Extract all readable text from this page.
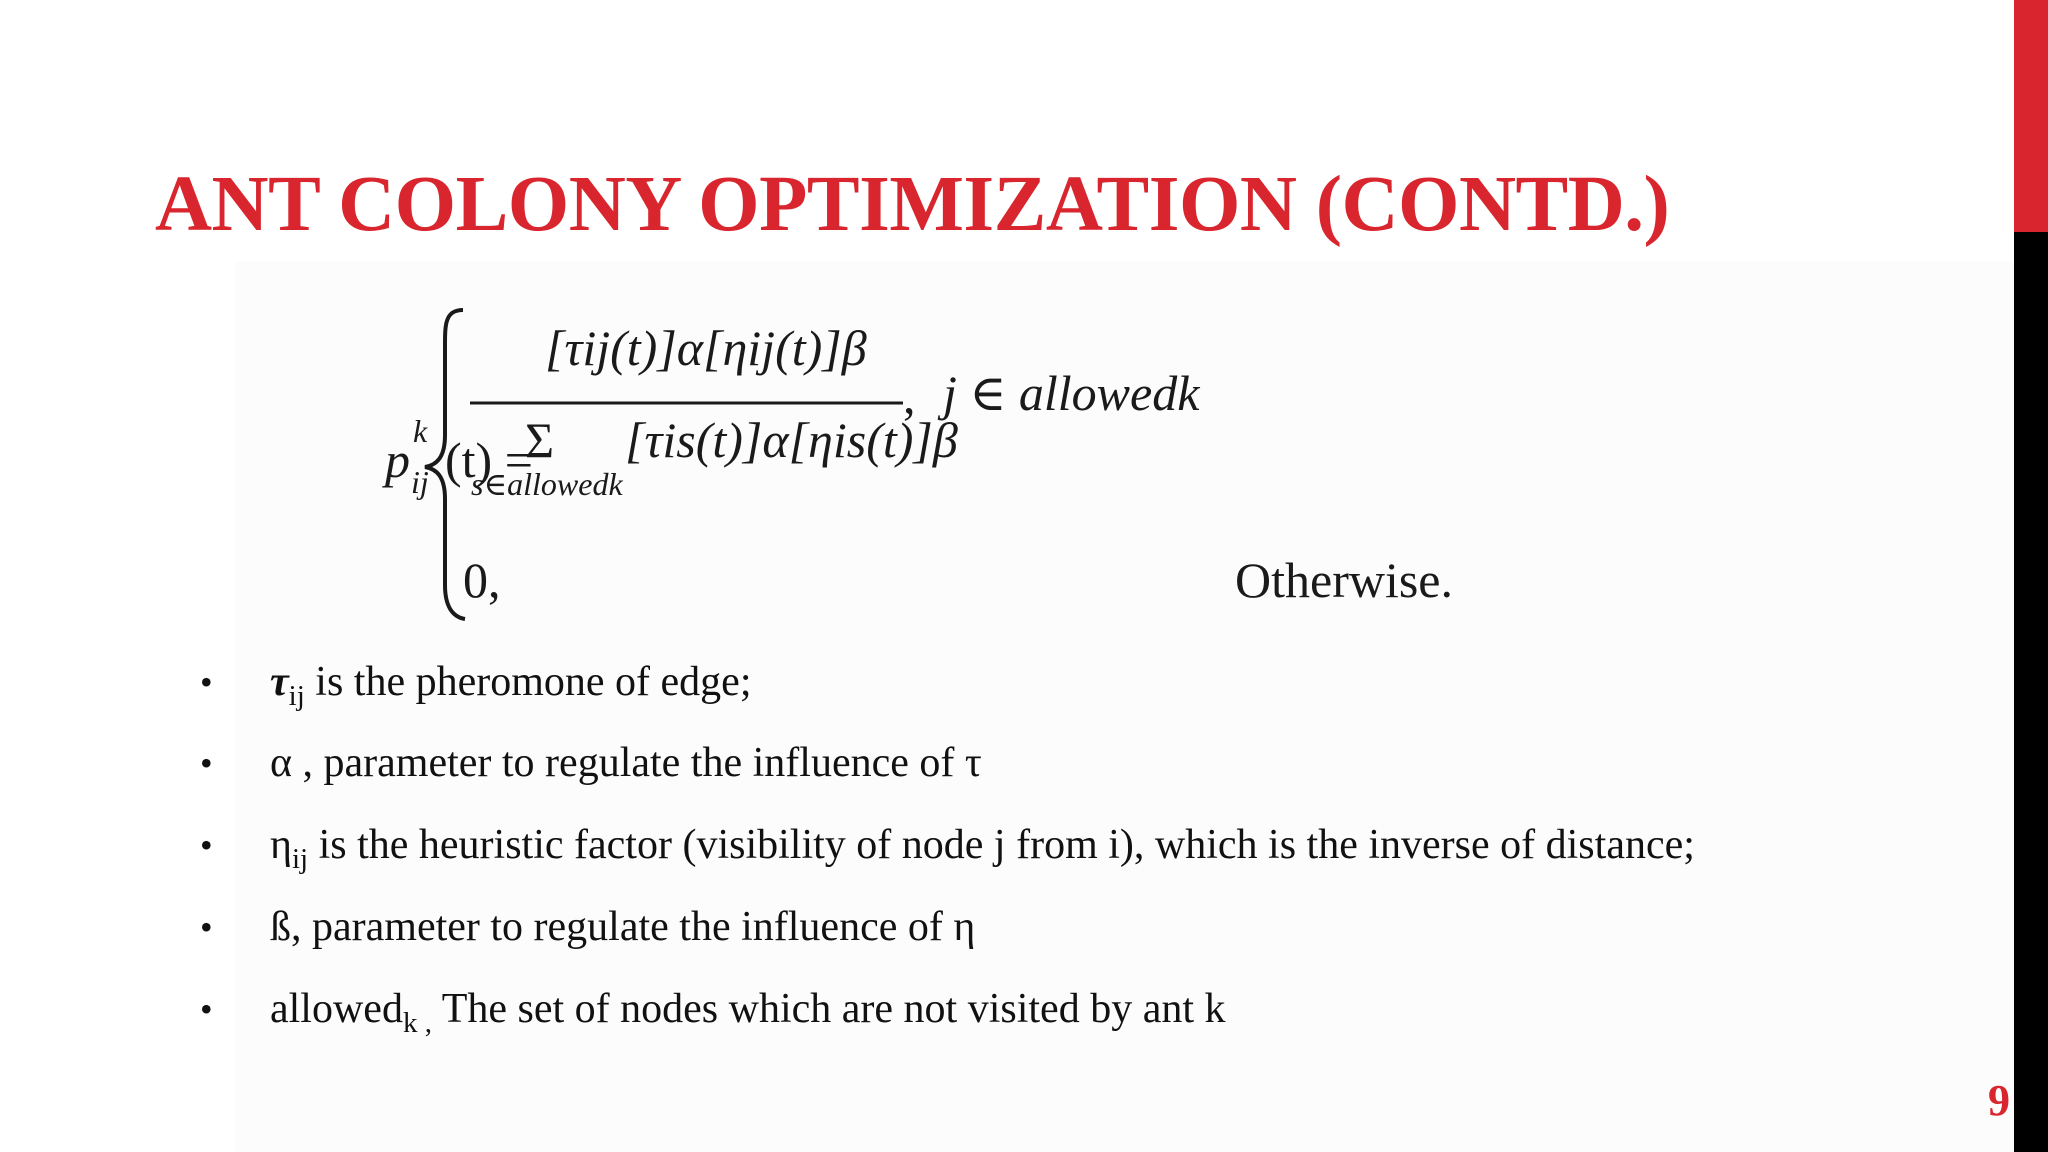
ANT COLONY OPTIMIZATION (CONTD.)
p
k
ij (t) =
[τij(t)]α[ηij(t)]β
Σ
s∈allowedk
[τis(t)]α[ηis(t)]β
, j ∈ allowedk
0,	Otherwise.
•	$\tau_{ij}$ is the pheromone of edge;
•	α , parameter to regulate the influence of τ
•	$\eta_{ij}$ is the heuristic factor (visibility of node j from i), which is the inverse of distance;
•	ß, parameter to regulate the influence of η
•	allowed$_{k ,}$ The set of nodes which are not visited by ant k
9
